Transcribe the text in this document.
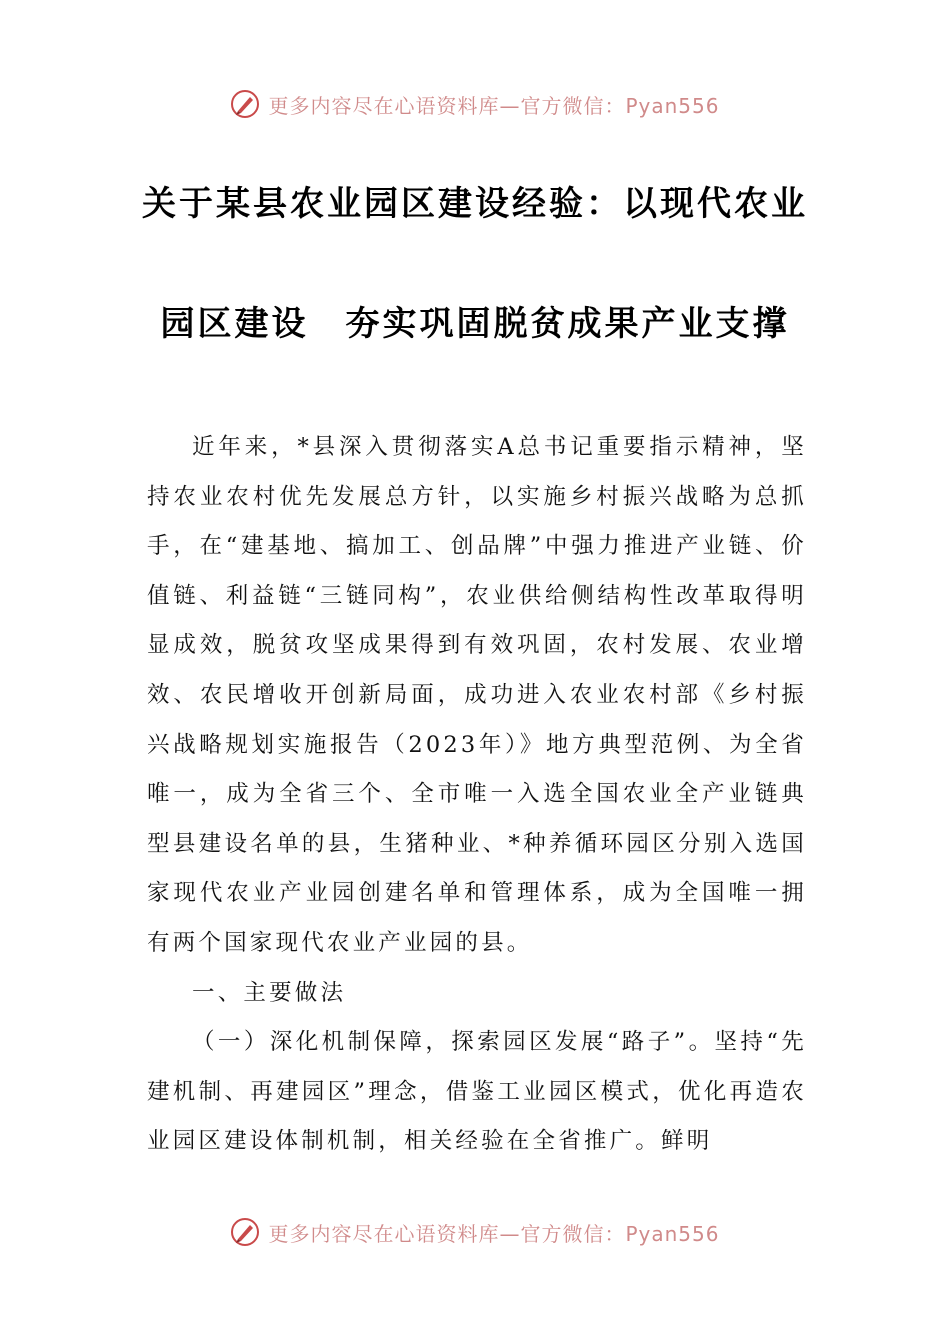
更多内容尽在心语资料库—官方微信：Pyan556
关于某县农业园区建设经验：以现代农业
园区建设　夯实巩固脱贫成果产业支撑

近年来，*县深入贯彻落实A总书记重要指示精神，坚持农业农村优先发展总方针，以实施乡村振兴战略为总抓手，在“建基地、搞加工、创品牌”中强力推进产业链、价值链、利益链“三链同构”，农业供给侧结构性改革取得明显成效，脱贫攻坚成果得到有效巩固，农村发展、农业增效、农民增收开创新局面，成功进入农业农村部《乡村振兴战略规划实施报告（2023年）》地方典型范例、为全省唯一，成为全省三个、全市唯一入选全国农业全产业链典型县建设名单的县，生猪种业、*种养循环园区分别入选国家现代农业产业园创建名单和管理体系，成为全国唯一拥有两个国家现代农业产业园的县。

一、主要做法

（一）深化机制保障，探索园区发展“路子”。坚持“先建机制、再建园区”理念，借鉴工业园区模式，优化再造农业园区建设体制机制，相关经验在全省推广。鲜明

更多内容尽在心语资料库—官方微信：Pyan556
